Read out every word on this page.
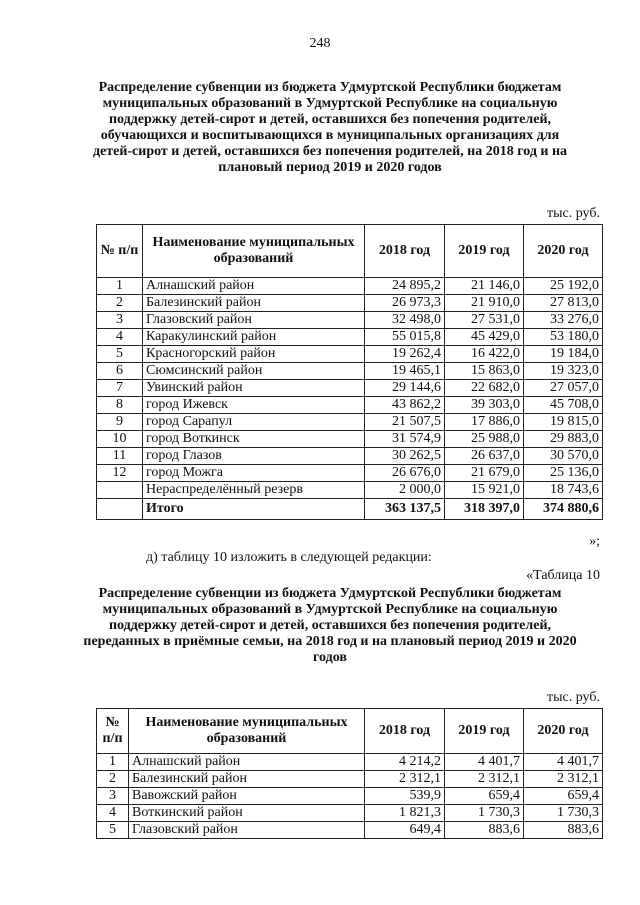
248
Распределение субвенции из бюджета Удмуртской Республики бюджетам муниципальных образований в Удмуртской Республике на социальную поддержку детей-сирот и детей, оставшихся без попечения родителей, обучающихся и воспитывающихся в муниципальных организациях для детей-сирот и детей, оставшихся без попечения родителей, на 2018 год и на плановый период 2019 и 2020 годов
тыс. руб.
№ п/п	Наименование муниципальных образований	2018 год	2019 год	2020 год
1	Алнашский район	24 895,2	21 146,0	25 192,0
2	Балезинский район	26 973,3	21 910,0	27 813,0
3	Глазовский район	32 498,0	27 531,0	33 276,0
4	Каракулинский район	55 015,8	45 429,0	53 180,0
5	Красногорский район	19 262,4	16 422,0	19 184,0
6	Сюмсинский район	19 465,1	15 863,0	19 323,0
7	Увинский район	29 144,6	22 682,0	27 057,0
8	город Ижевск	43 862,2	39 303,0	45 708,0
9	город Сарапул	21 507,5	17 886,0	19 815,0
10	город Воткинск	31 574,9	25 988,0	29 883,0
11	город Глазов	30 262,5	26 637,0	30 570,0
12	город Можга	26 676,0	21 679,0	25 136,0
	Нераспределённый резерв	2 000,0	15 921,0	18 743,6
	Итого	363 137,5	318 397,0	374 880,6
»;
д) таблицу 10 изложить в следующей редакции:
«Таблица 10
Распределение субвенции из бюджета Удмуртской Республики бюджетам муниципальных образований в Удмуртской Республике на социальную поддержку детей-сирот и детей, оставшихся без попечения родителей, переданных в приёмные семьи, на 2018 год и на плановый период 2019 и 2020 годов
тыс. руб.
№ п/п	Наименование муниципальных образований	2018 год	2019 год	2020 год
1	Алнашский район	4 214,2	4 401,7	4 401,7
2	Балезинский район	2 312,1	2 312,1	2 312,1
3	Вавожский район	539,9	659,4	659,4
4	Воткинский район	1 821,3	1 730,3	1 730,3
5	Глазовский район	649,4	883,6	883,6
